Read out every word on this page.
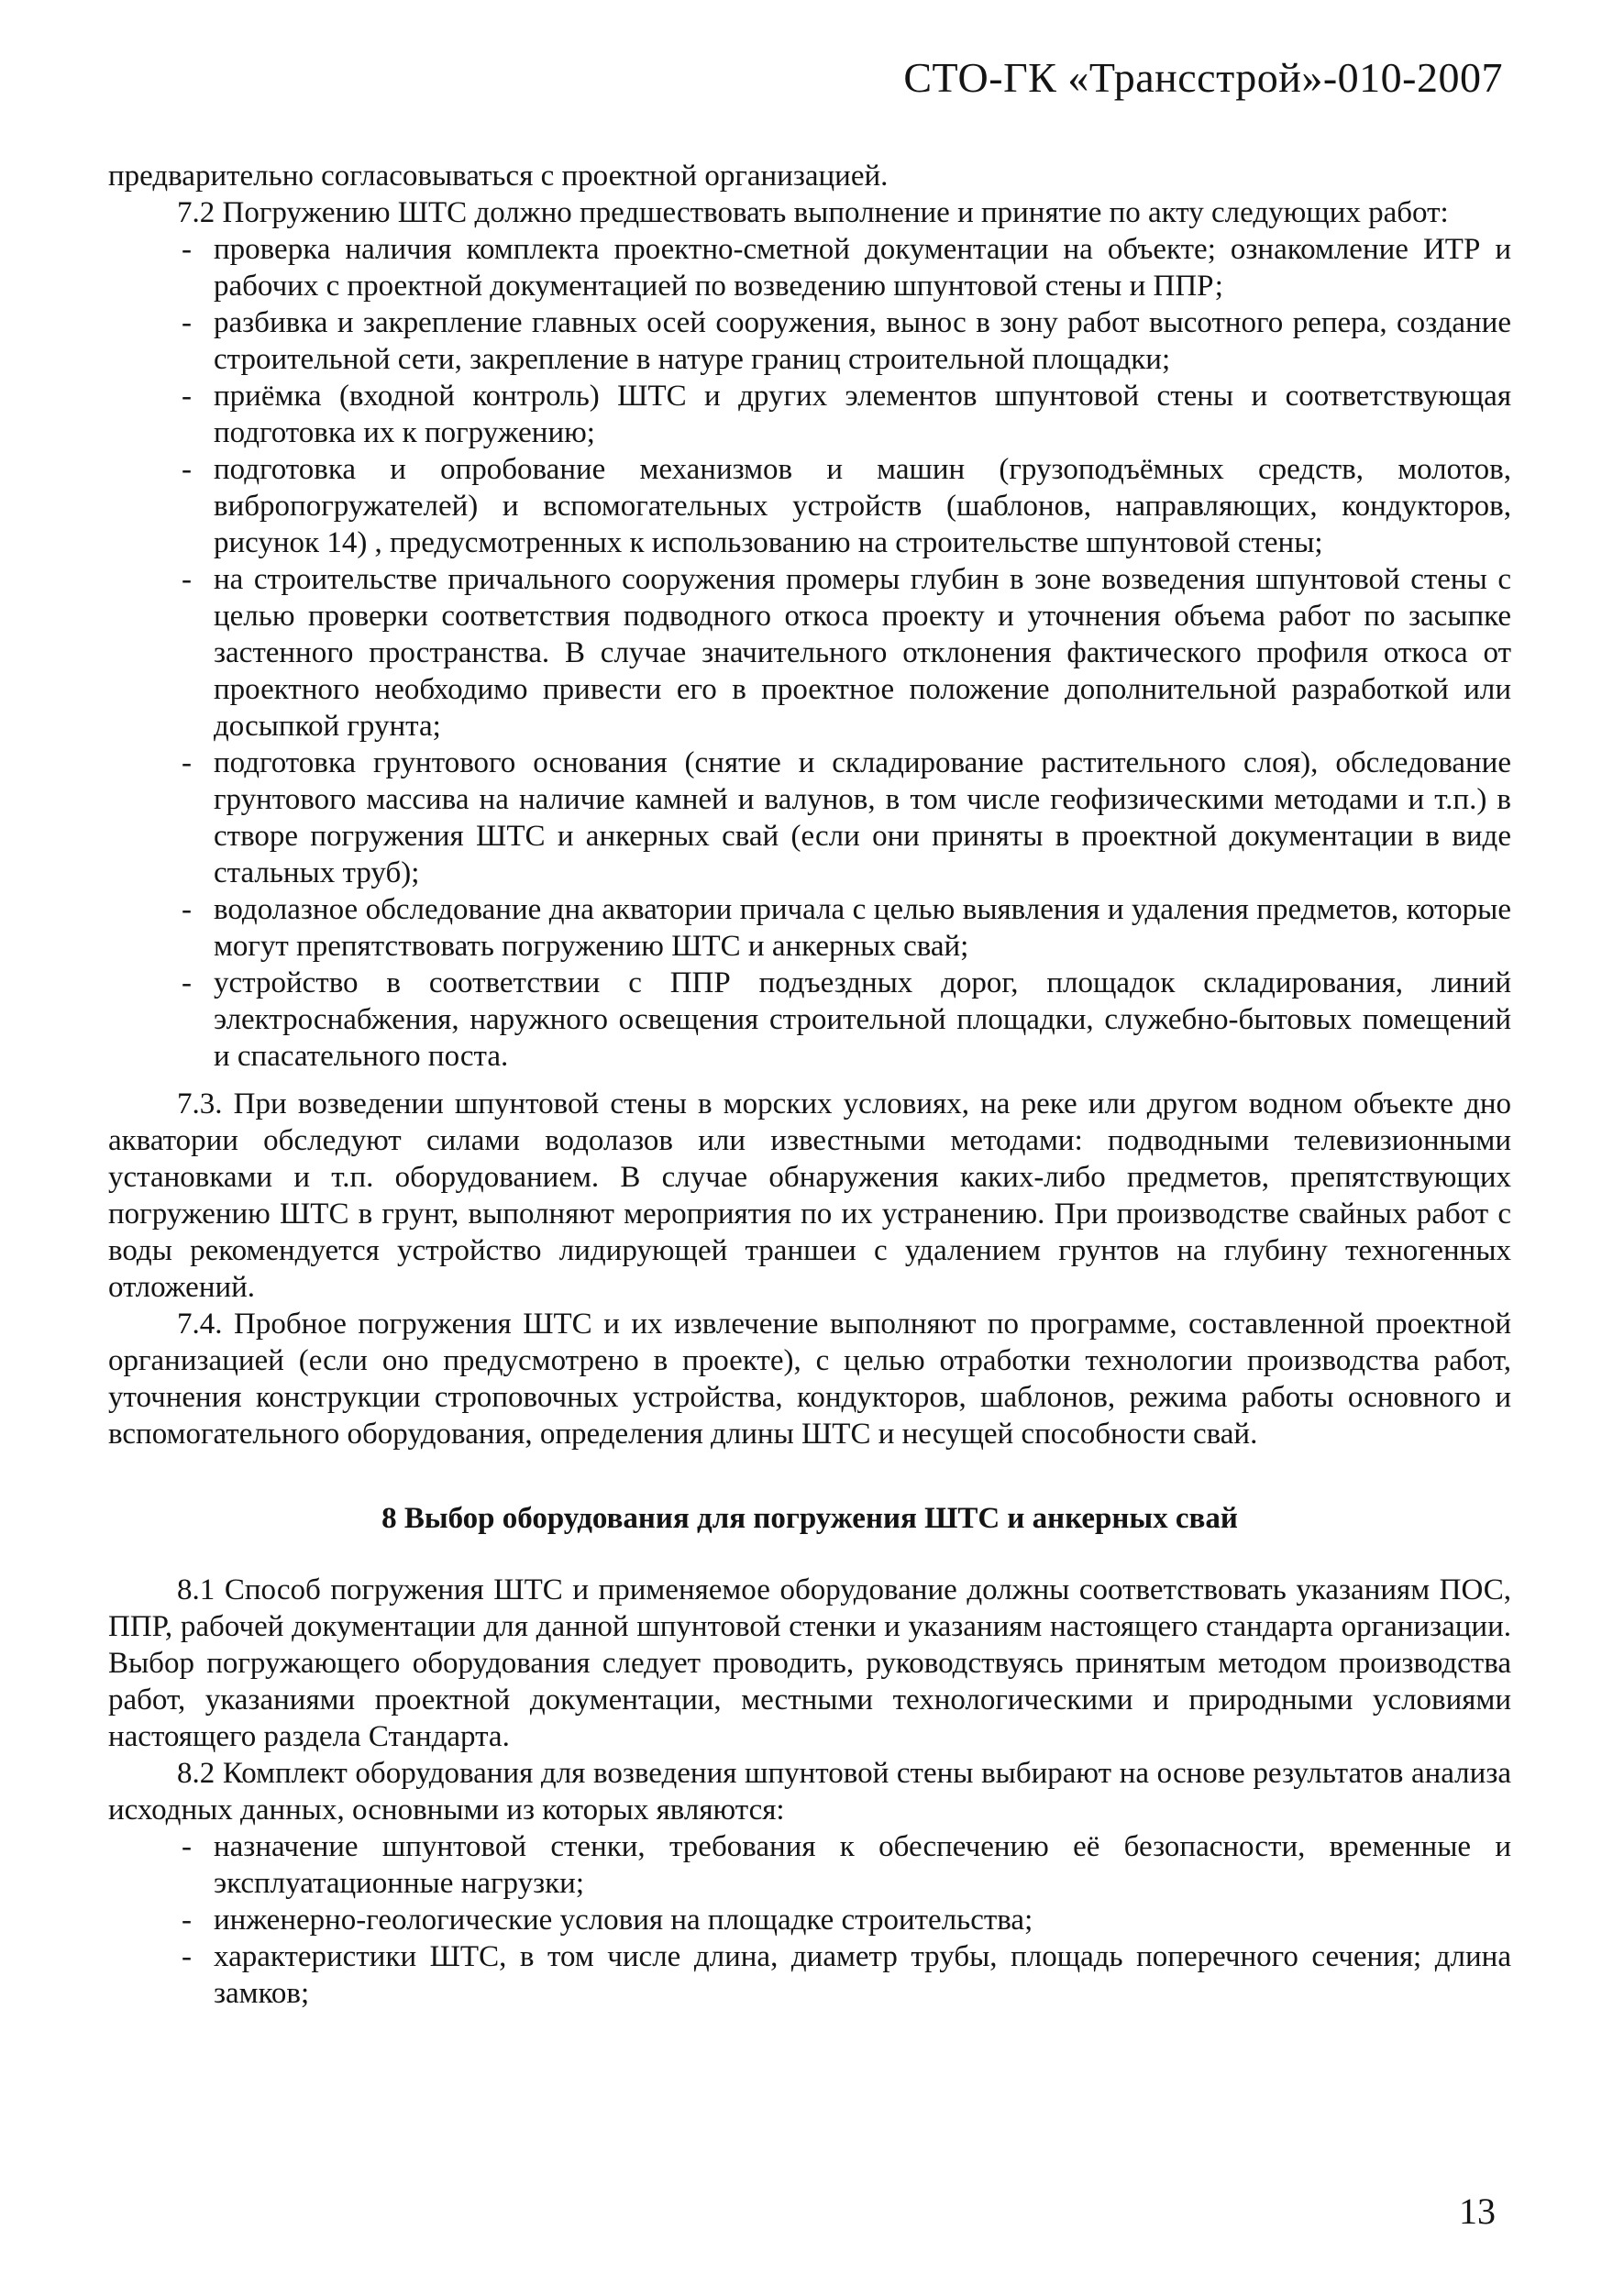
СТО-ГК «Трансстрой»-010-2007

предварительно согласовываться с проектной организацией.

7.2 Погружению ШТС должно предшествовать выполнение и принятие по акту следующих работ:

- проверка наличия комплекта проектно-сметной документации на объекте; ознакомление ИТР и рабочих с проектной документацией по возведению шпунтовой стены и ППР;
- разбивка и закрепление главных осей сооружения, вынос в зону работ высотного репера, создание строительной сети, закрепление в натуре границ строительной площадки;
- приёмка (входной контроль) ШТС и других элементов шпунтовой стены и соответствующая подготовка их к погружению;
- подготовка и опробование механизмов и машин (грузоподъёмных средств, молотов, вибропогружателей) и вспомогательных устройств (шаблонов, направляющих, кондукторов, рисунок 14) , предусмотренных к использованию на строительстве шпунтовой стены;
- на строительстве причального сооружения промеры глубин в зоне возведения шпунтовой стены с целью проверки соответствия подводного откоса проекту и уточнения объема работ по засыпке застенного пространства. В случае значительного отклонения фактического профиля откоса от проектного необходимо привести его в проектное положение дополнительной разработкой или досыпкой грунта;
- подготовка грунтового основания (снятие и складирование растительного слоя), обследование грунтового массива на наличие камней и валунов, в том числе геофизическими методами и т.п.) в створе погружения ШТС и анкерных свай (если они приняты в проектной документации в виде стальных труб);
- водолазное обследование дна акватории причала с целью выявления и удаления предметов, которые могут препятствовать погружению ШТС и анкерных свай;
- устройство в соответствии с ППР подъездных дорог, площадок складирования, линий электроснабжения, наружного освещения строительной площадки, служебно-бытовых помещений и спасательного поста.

7.3. При возведении шпунтовой стены в морских условиях, на реке или другом водном объекте дно акватории обследуют силами водолазов или известными методами: подводными телевизионными установками и т.п. оборудованием. В случае обнаружения каких-либо предметов, препятствующих погружению ШТС в грунт, выполняют мероприятия по их устранению. При производстве свайных работ с воды рекомендуется устройство лидирующей траншеи с удалением грунтов на глубину техногенных отложений.

7.4. Пробное погружения ШТС и их извлечение выполняют по программе, составленной проектной организацией (если оно предусмотрено в проекте), с целью отработки технологии производства работ, уточнения конструкции строповочных устройства, кондукторов, шаблонов, режима работы основного и вспомогательного оборудования, определения длины ШТС и несущей способности свай.

8 Выбор оборудования для погружения ШТС и анкерных свай

8.1 Способ погружения ШТС и применяемое оборудование должны соответствовать указаниям ПОС, ППР, рабочей документации для данной шпунтовой стенки и указаниям настоящего стандарта организации. Выбор погружающего оборудования следует проводить, руководствуясь принятым методом производства работ, указаниями проектной документации, местными технологическими и природными условиями настоящего раздела Стандарта.

8.2 Комплект оборудования для возведения шпунтовой стены выбирают на основе результатов анализа исходных данных, основными из которых являются:

- назначение шпунтовой стенки, требования к обеспечению её безопасности, временные и эксплуатационные нагрузки;
- инженерно-геологические условия на площадке строительства;
- характеристики ШТС, в том числе длина, диаметр трубы, площадь поперечного сечения; длина замков;
13
